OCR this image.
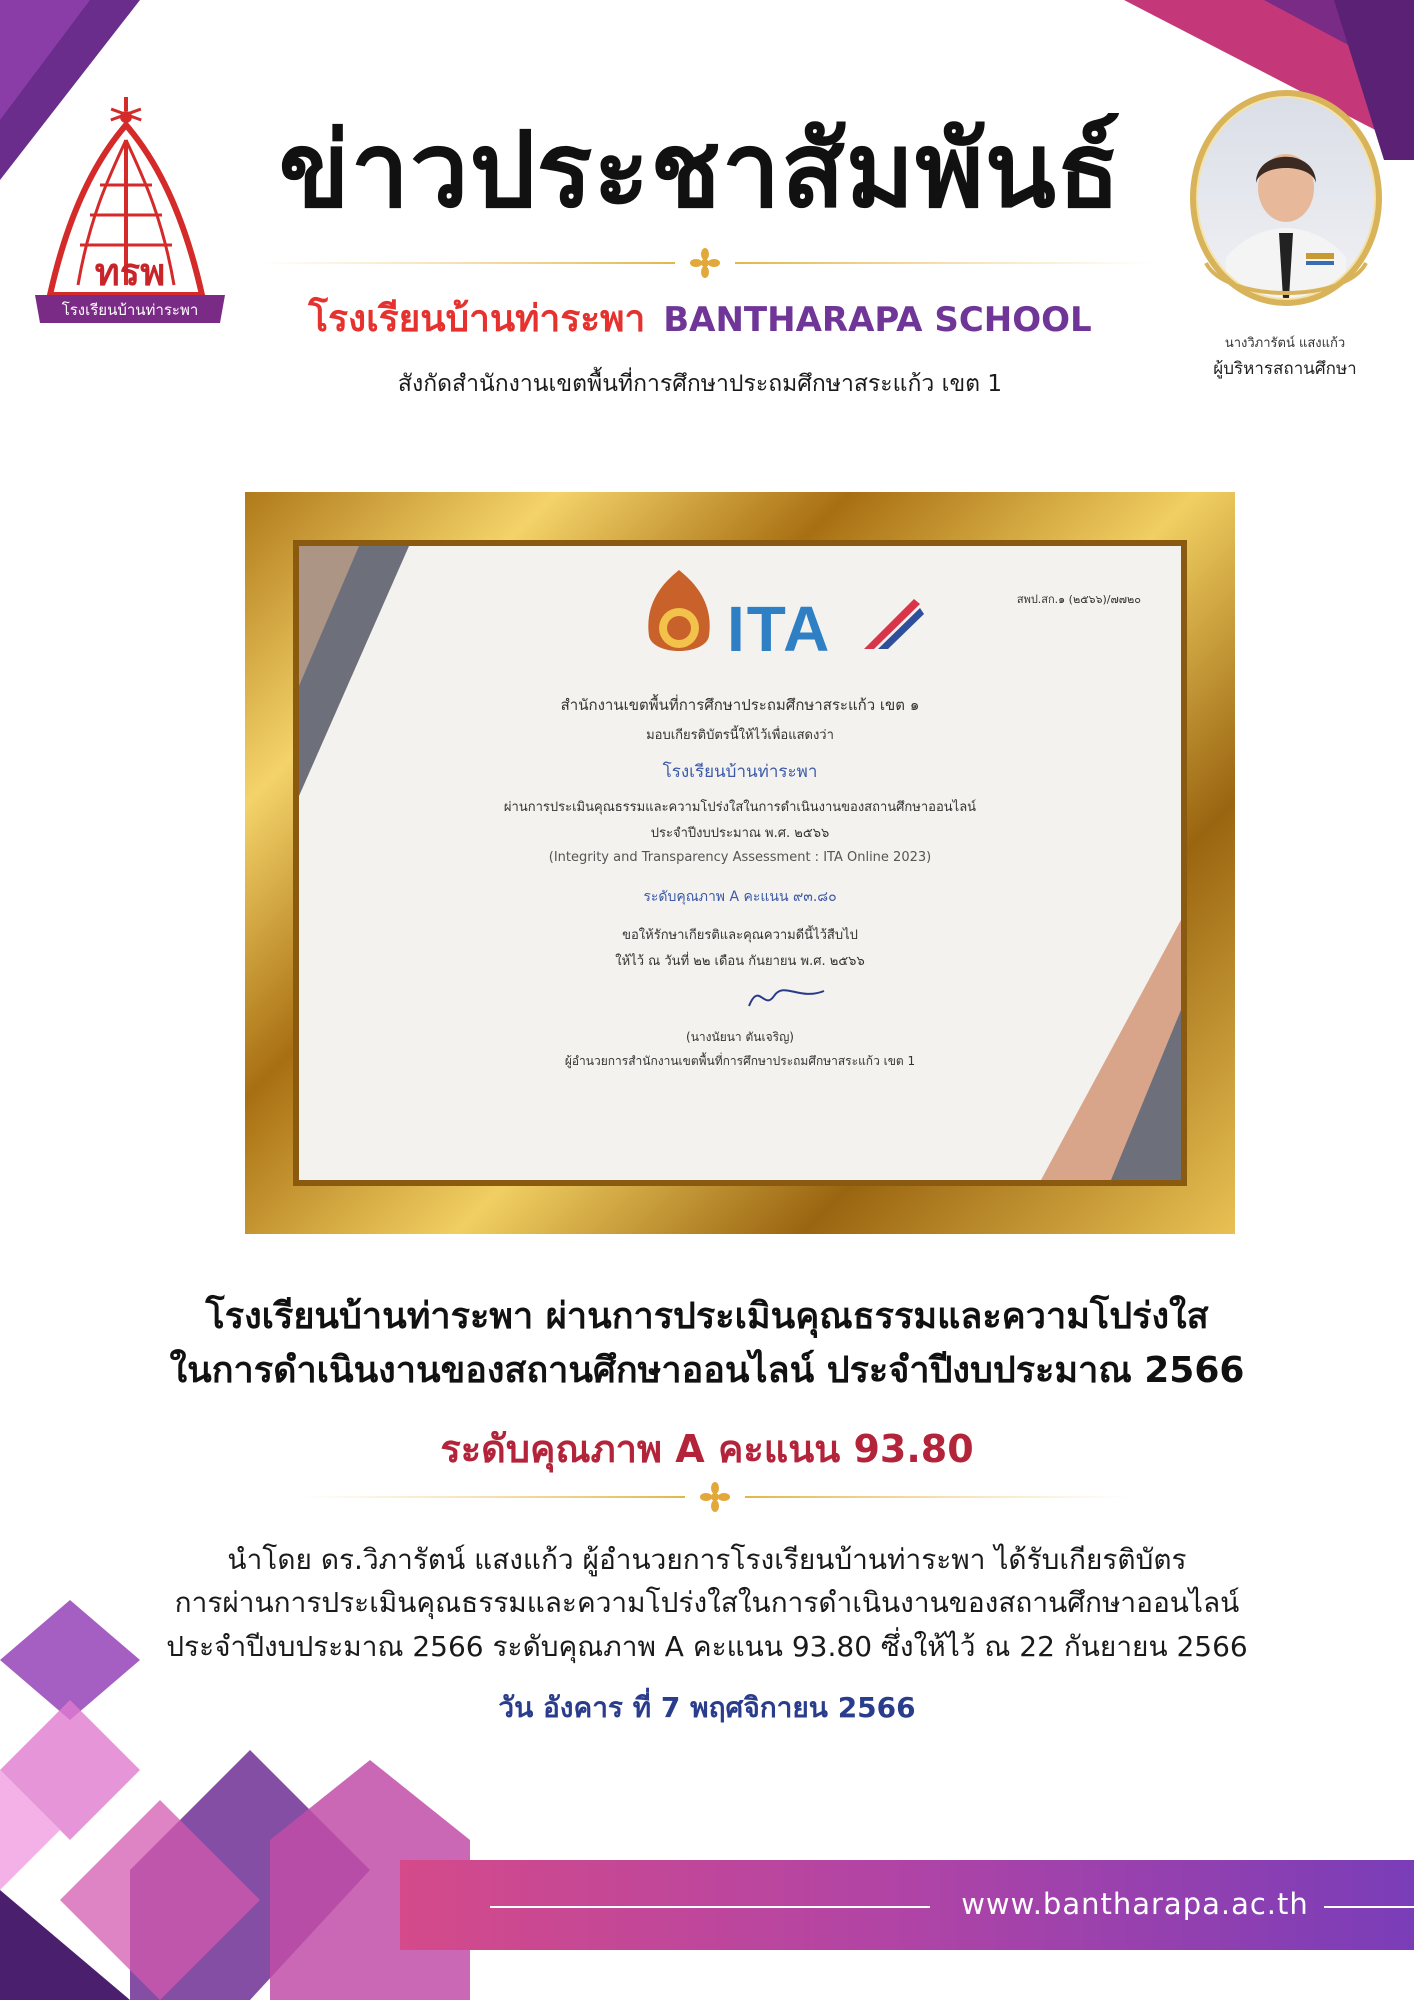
www.bantharapa.ac.th
ทรพ
โรงเรียนบ้านท่าระพา
ข่าวประชาสัมพันธ์
โรงเรียนบ้านท่าระพา BANTHARAPA SCHOOL
สังกัดสำนักงานเขตพื้นที่การศึกษาประถมศึกษาสระแก้ว เขต 1
นางวิภารัตน์ แสงแก้ว
ผู้บริหารสถานศึกษา
สพป.สก.๑ (๒๕๖๖)/๗๗๒๐
ITA
สำนักงานเขตพื้นที่การศึกษาประถมศึกษาสระแก้ว เขต ๑
มอบเกียรติบัตรนี้ให้ไว้เพื่อแสดงว่า
โรงเรียนบ้านท่าระพา
ผ่านการประเมินคุณธรรมและความโปร่งใสในการดำเนินงานของสถานศึกษาออนไลน์
ประจำปีงบประมาณ พ.ศ. ๒๕๖๖
(Integrity and Transparency Assessment : ITA Online 2023)
ระดับคุณภาพ A คะแนน ๙๓.๘๐
ขอให้รักษาเกียรติและคุณความดีนี้ไว้สืบไป
ให้ไว้ ณ วันที่ ๒๒ เดือน กันยายน พ.ศ. ๒๕๖๖
(นางนัยนา ตันเจริญ)
ผู้อำนวยการสำนักงานเขตพื้นที่การศึกษาประถมศึกษาสระแก้ว เขต 1
โรงเรียนบ้านท่าระพา ผ่านการประเมินคุณธรรมและความโปร่งใส
ในการดำเนินงานของสถานศึกษาออนไลน์ ประจำปีงบประมาณ 2566
ระดับคุณภาพ A คะแนน 93.80
นำโดย ดร.วิภารัตน์ แสงแก้ว ผู้อำนวยการโรงเรียนบ้านท่าระพา ได้รับเกียรติบัตร
การผ่านการประเมินคุณธรรมและความโปร่งใสในการดำเนินงานของสถานศึกษาออนไลน์
ประจำปีงบประมาณ 2566 ระดับคุณภาพ A คะแนน 93.80 ซึ่งให้ไว้ ณ 22 กันยายน 2566
วัน อังคาร ที่ 7 พฤศจิกายน 2566
